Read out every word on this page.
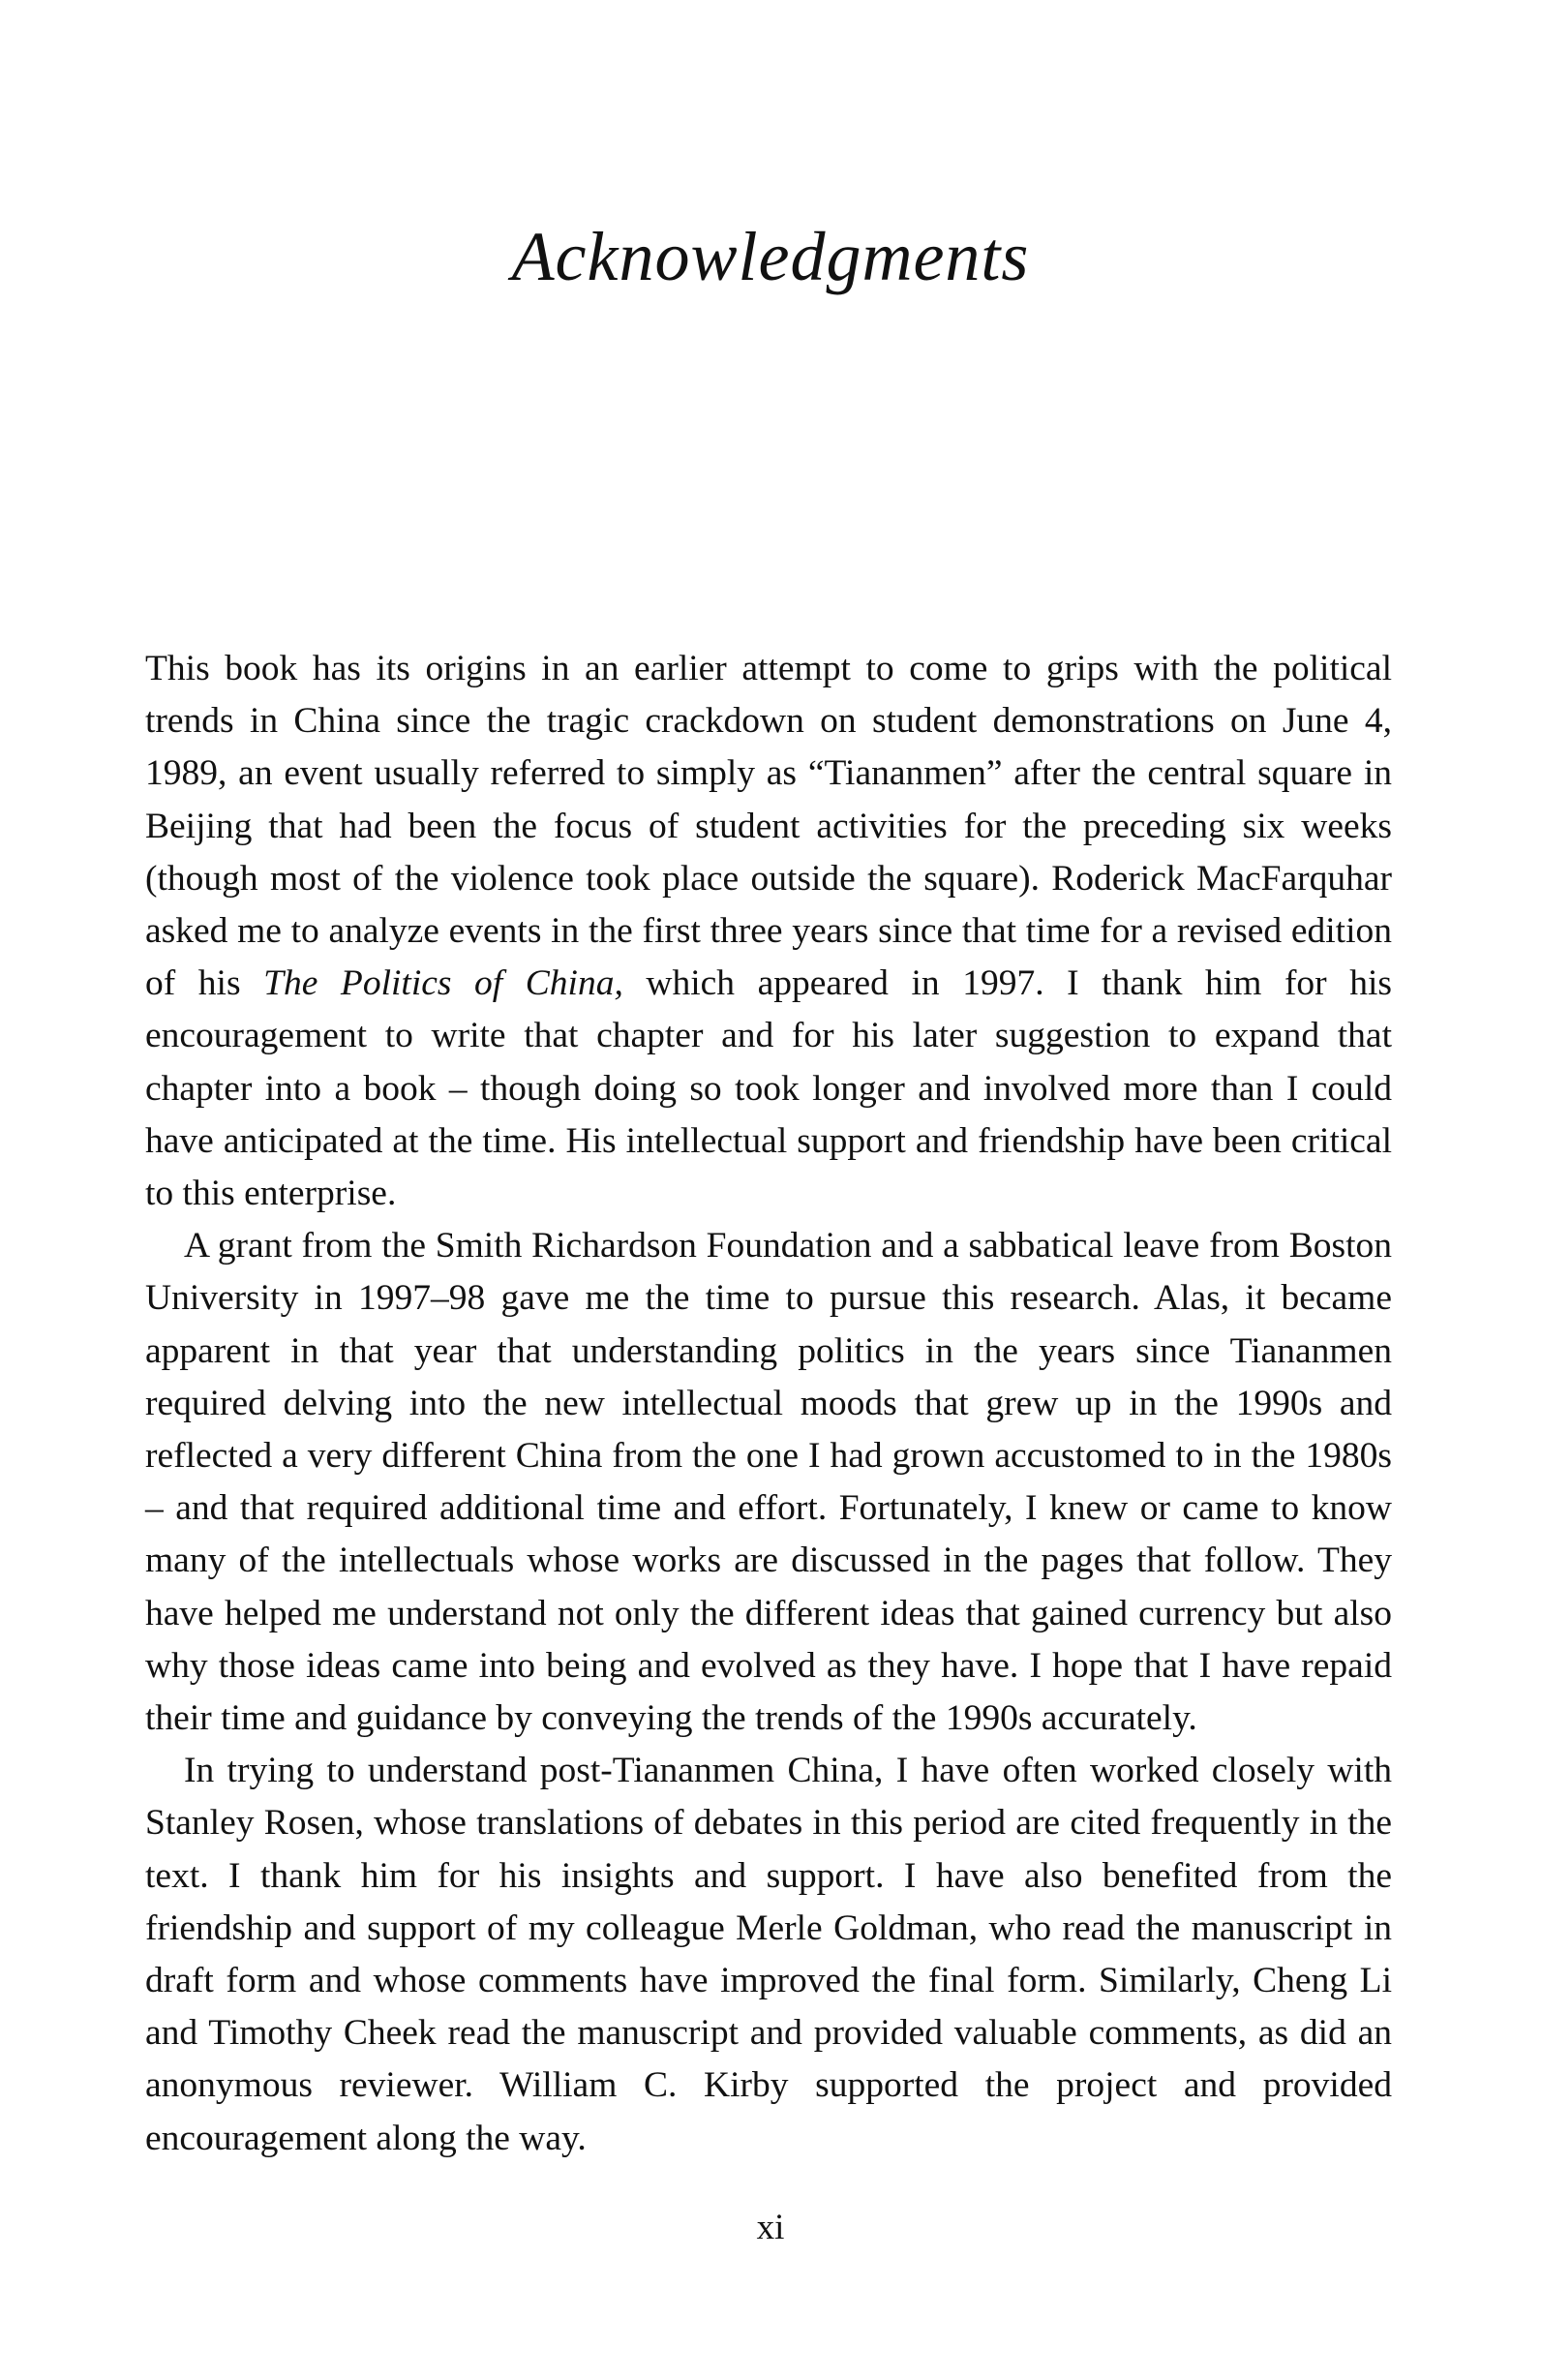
Acknowledgments

This book has its origins in an earlier attempt to come to grips with the political trends in China since the tragic crackdown on student demonstrations on June 4, 1989, an event usually referred to simply as “Tiananmen” after the central square in Beijing that had been the focus of student activities for the preceding six weeks (though most of the violence took place outside the square). Roderick MacFarquhar asked me to analyze events in the first three years since that time for a revised edition of his The Politics of China, which appeared in 1997. I thank him for his encouragement to write that chapter and for his later suggestion to expand that chapter into a book – though doing so took longer and involved more than I could have anticipated at the time. His intellectual support and friendship have been critical to this enterprise.

A grant from the Smith Richardson Foundation and a sabbatical leave from Boston University in 1997–98 gave me the time to pursue this research. Alas, it became apparent in that year that understanding politics in the years since Tiananmen required delving into the new intellectual moods that grew up in the 1990s and reflected a very different China from the one I had grown accustomed to in the 1980s – and that required additional time and effort. Fortunately, I knew or came to know many of the intellectuals whose works are discussed in the pages that follow. They have helped me understand not only the different ideas that gained currency but also why those ideas came into being and evolved as they have. I hope that I have repaid their time and guidance by conveying the trends of the 1990s accurately.

In trying to understand post-Tiananmen China, I have often worked closely with Stanley Rosen, whose translations of debates in this period are cited frequently in the text. I thank him for his insights and support. I have also benefited from the friendship and support of my colleague Merle Goldman, who read the manuscript in draft form and whose comments have improved the final form. Similarly, Cheng Li and Timothy Cheek read the manuscript and provided valuable comments, as did an anonymous reviewer. William C. Kirby supported the project and provided encouragement along the way.

xi
